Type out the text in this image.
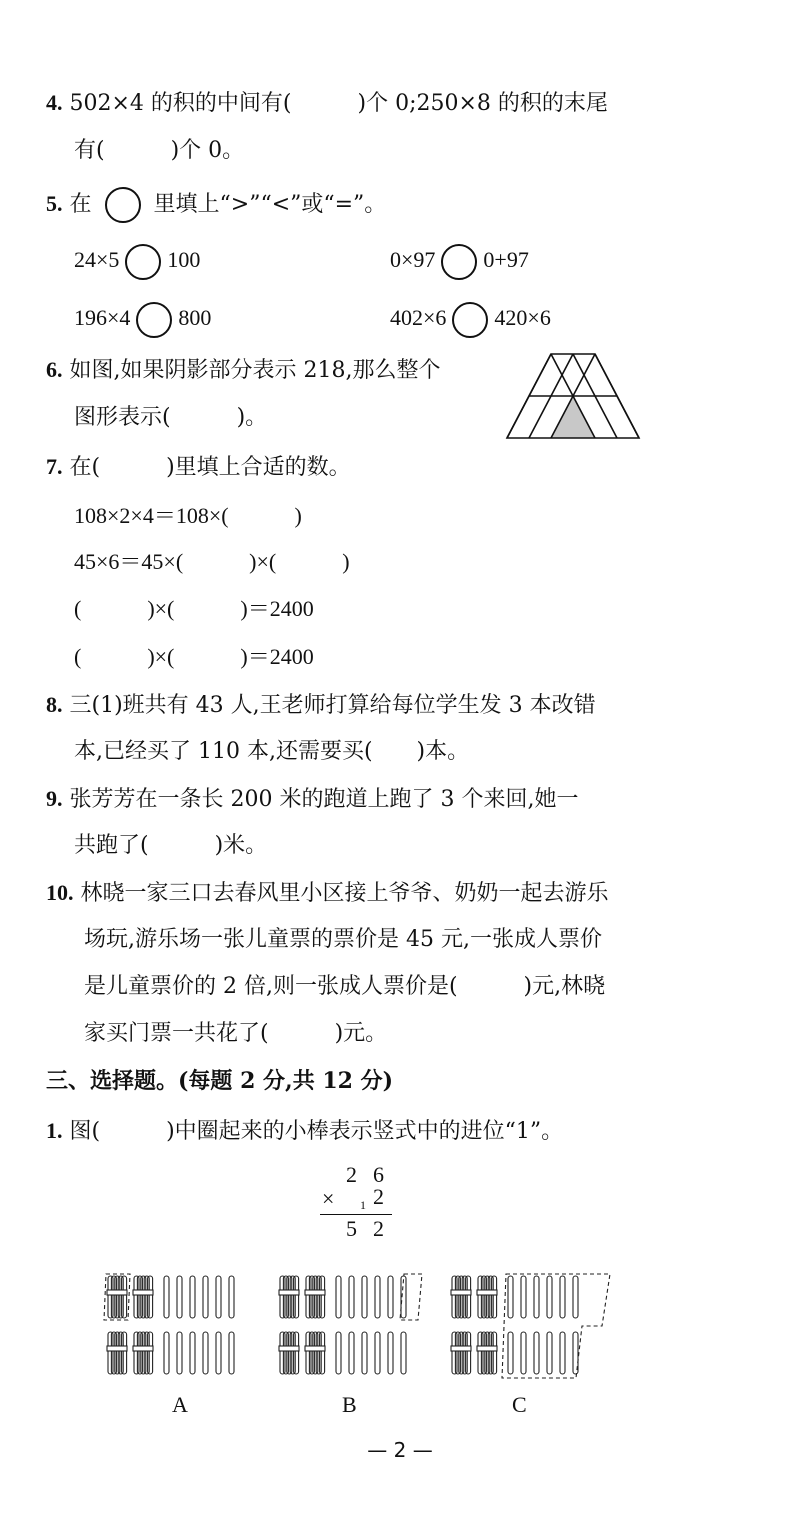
4. 502×4 的积的中间有(　　　)个 0;250×8 的积的末尾
有(　　　)个 0。
5. 在	里填上“>”“<”或“=”。
24×5 100	0×97 0+97
196×4 800	402×6 420×6
6. 如图,如果阴影部分表示 218,那么整个
图形表示(　　　)。
7. 在(　　　)里填上合适的数。
108×2×4＝108×(　　　)
45×6＝45×(　　　)×(　　　)
(　　　)×(　　　)＝2400
(　　　)×(　　　)＝2400
8. 三(1)班共有 43 人,王老师打算给每位学生发 3 本改错
本,已经买了 110 本,还需要买(　　)本。
9. 张芳芳在一条长 200 米的跑道上跑了 3 个来回,她一
共跑了(　　　)米。
10. 林晓一家三口去春风里小区接上爷爷、奶奶一起去游乐
场玩,游乐场一张儿童票的票价是 45 元,一张成人票价
是儿童票价的 2 倍,则一张成人票价是(　　　)元,林晓
家买门票一共花了(　　　)元。
三、选择题。(每题 2 分,共 12 分)
1. 图(　　　)中圈起来的小棒表示竖式中的进位“1”。
2 6
× 1 2
5 2
A	B	C
— 2 —
